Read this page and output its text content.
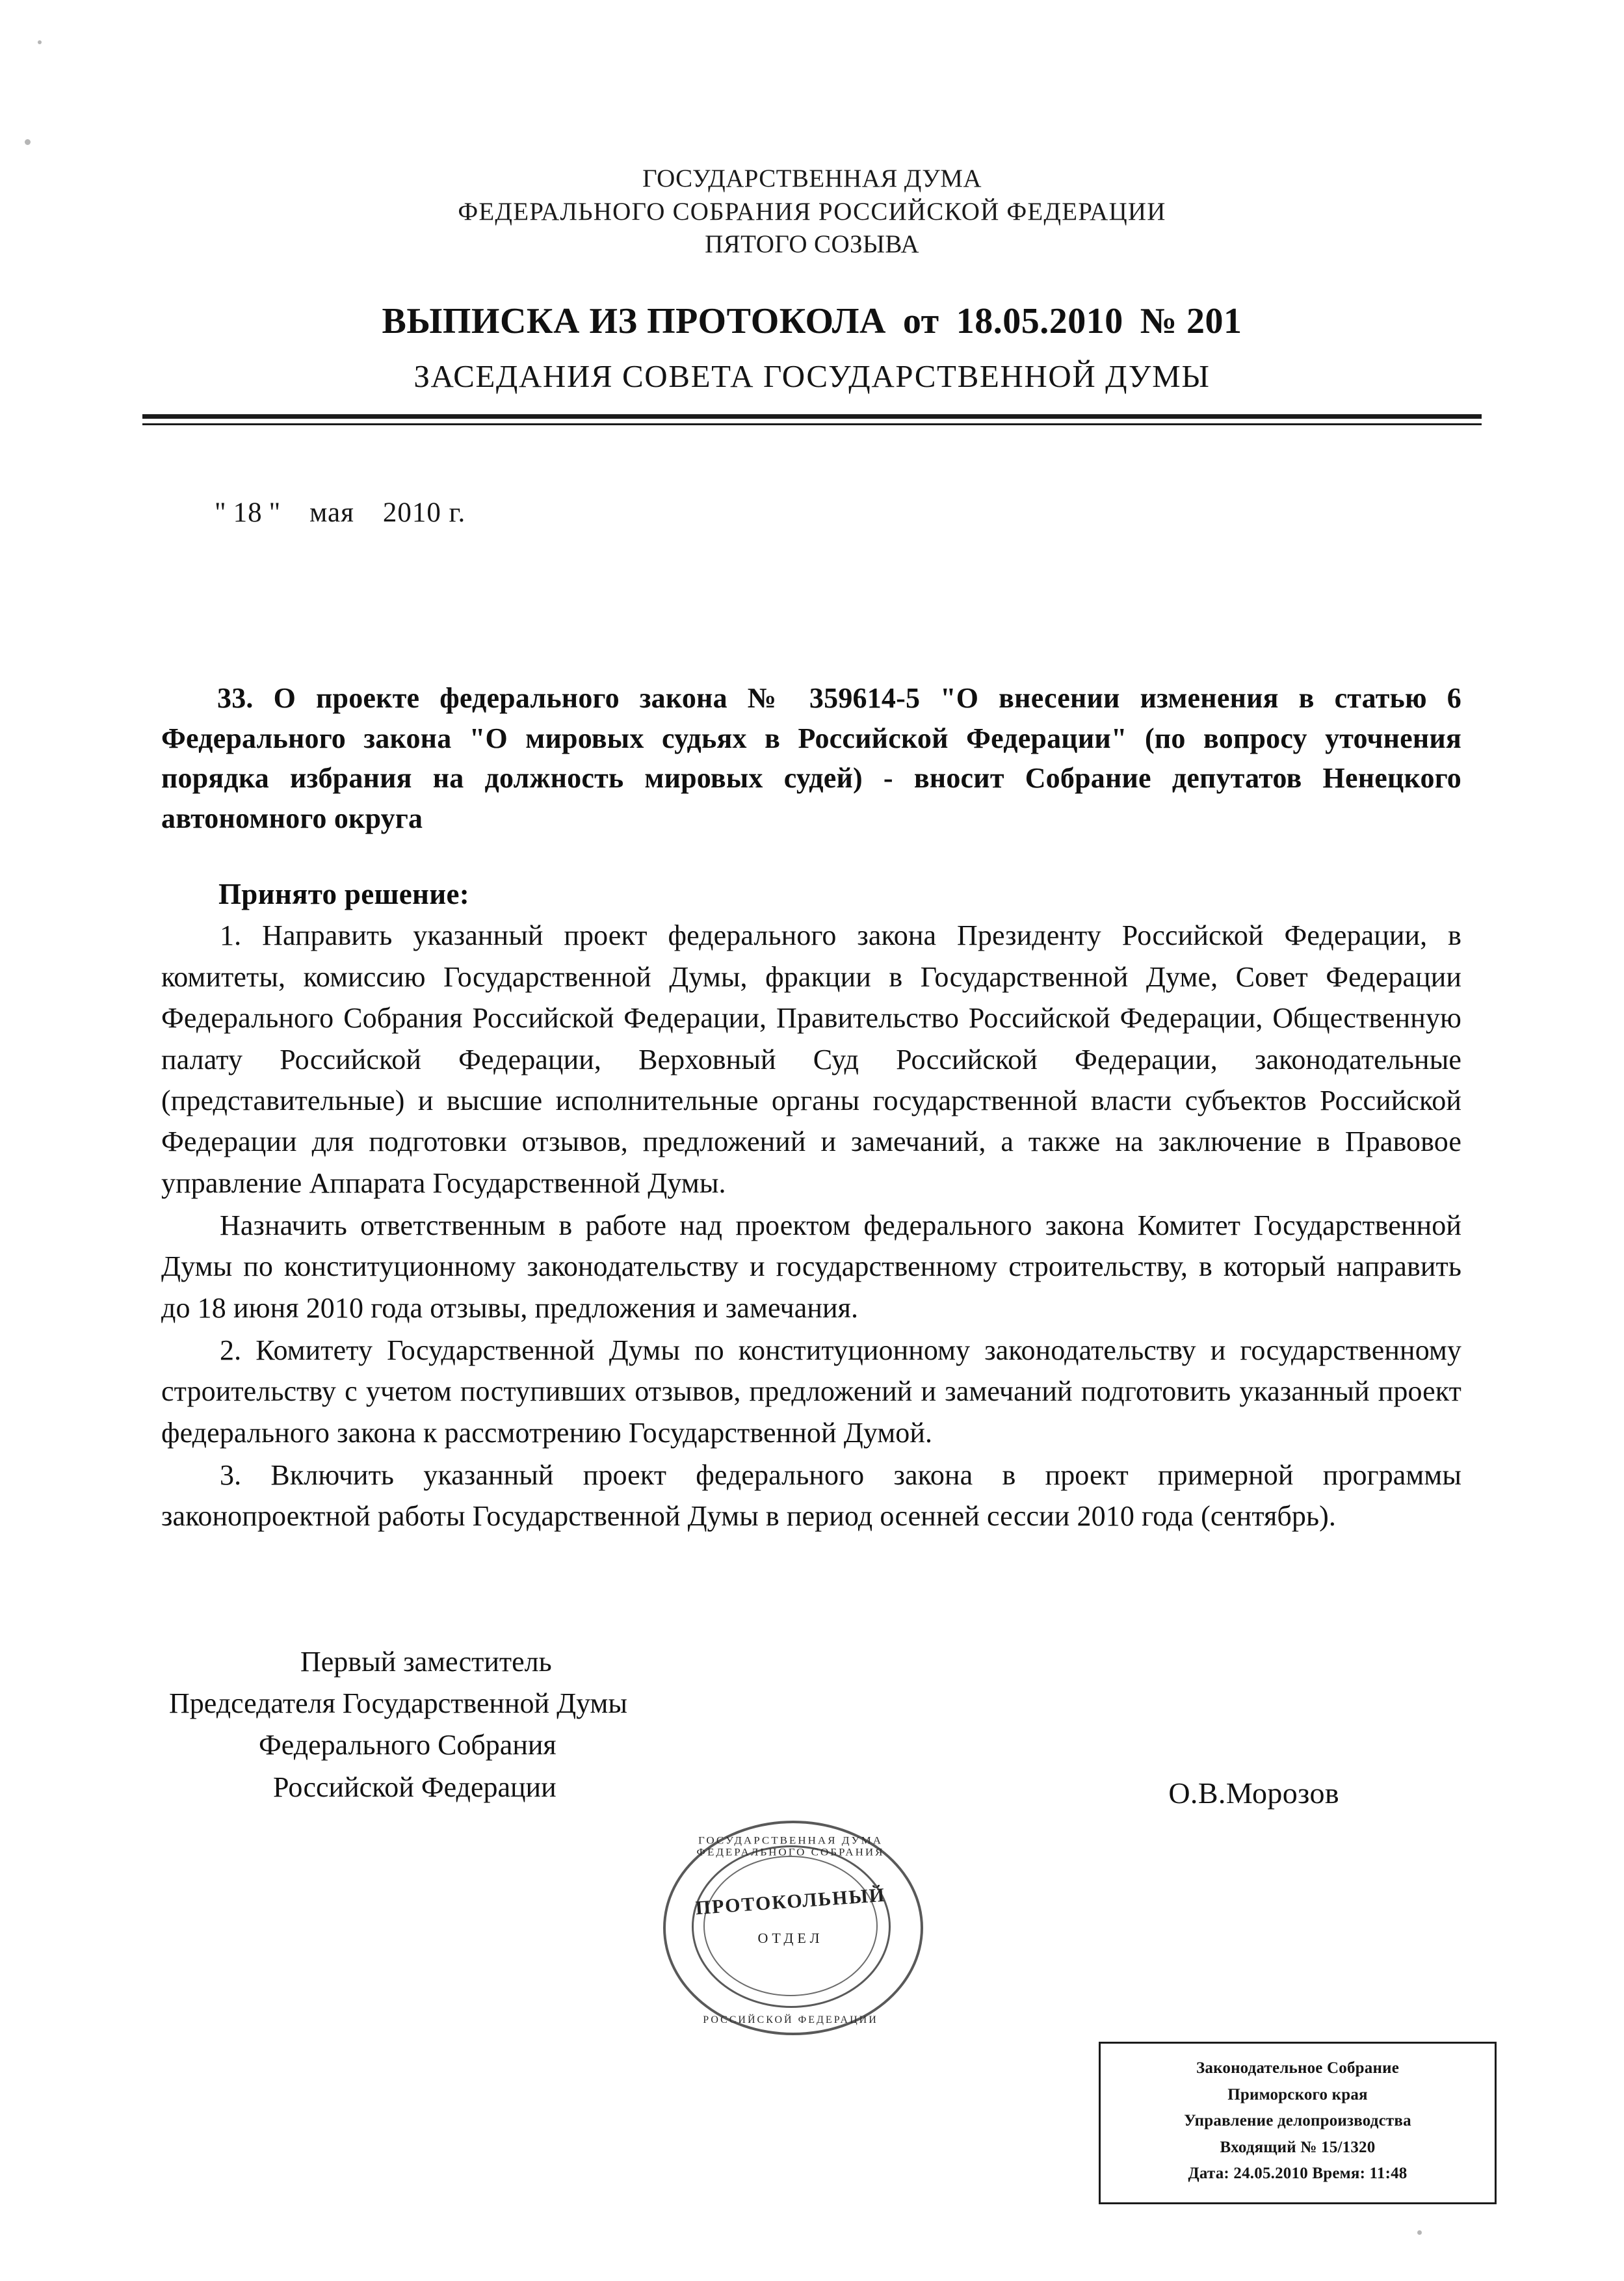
ГОСУДАРСТВЕННАЯ ДУМА
ФЕДЕРАЛЬНОГО СОБРАНИЯ РОССИЙСКОЙ ФЕДЕРАЦИИ
ПЯТОГО СОЗЫВА
ВЫПИСКА ИЗ ПРОТОКОЛА от 18.05.2010 № 201
ЗАСЕДАНИЯ СОВЕТА ГОСУДАРСТВЕННОЙ ДУМЫ
" 18 " мая 2010 г.
33. О проекте федерального закона № 359614-5 "О внесении изменения в статью 6 Федерального закона "О мировых судьях в Российской Федерации" (по вопросу уточнения порядка избрания на должность мировых судей) - вносит Собрание депутатов Ненецкого автономного округа
Принято решение:
1. Направить указанный проект федерального закона Президенту Российской Федерации, в комитеты, комиссию Государственной Думы, фракции в Государственной Думе, Совет Федерации Федерального Собрания Российской Федерации, Правительство Российской Федерации, Общественную палату Российской Федерации, Верховный Суд Российской Федерации, законодательные (представительные) и высшие исполнительные органы государственной власти субъектов Российской Федерации для подготовки отзывов, предложений и замечаний, а также на заключение в Правовое управление Аппарата Государственной Думы.
Назначить ответственным в работе над проектом федерального закона Комитет Государственной Думы по конституционному законодательству и государственному строительству, в который направить до 18 июня 2010 года отзывы, предложения и замечания.
2. Комитету Государственной Думы по конституционному законодательству и государственному строительству с учетом поступивших отзывов, предложений и замечаний подготовить указанный проект федерального закона к рассмотрению Государственной Думой.
3. Включить указанный проект федерального закона в проект примерной программы законопроектной работы Государственной Думы в период осенней сессии 2010 года (сентябрь).
Первый заместитель
Председателя Государственной Думы
Федерального Собрания
Российской Федерации	О.В.Морозов
ГОСУДАРСТВЕННАЯ ДУМА ФЕДЕРАЛЬНОГО СОБРАНИЯ
РОССИЙСКОЙ ФЕДЕРАЦИИ
ПРОТОКОЛЬНЫЙ
ОТДЕЛ
Законодательное Собрание
Приморского края
Управление делопроизводства
Входящий № 15/1320
Дата: 24.05.2010 Время: 11:48
